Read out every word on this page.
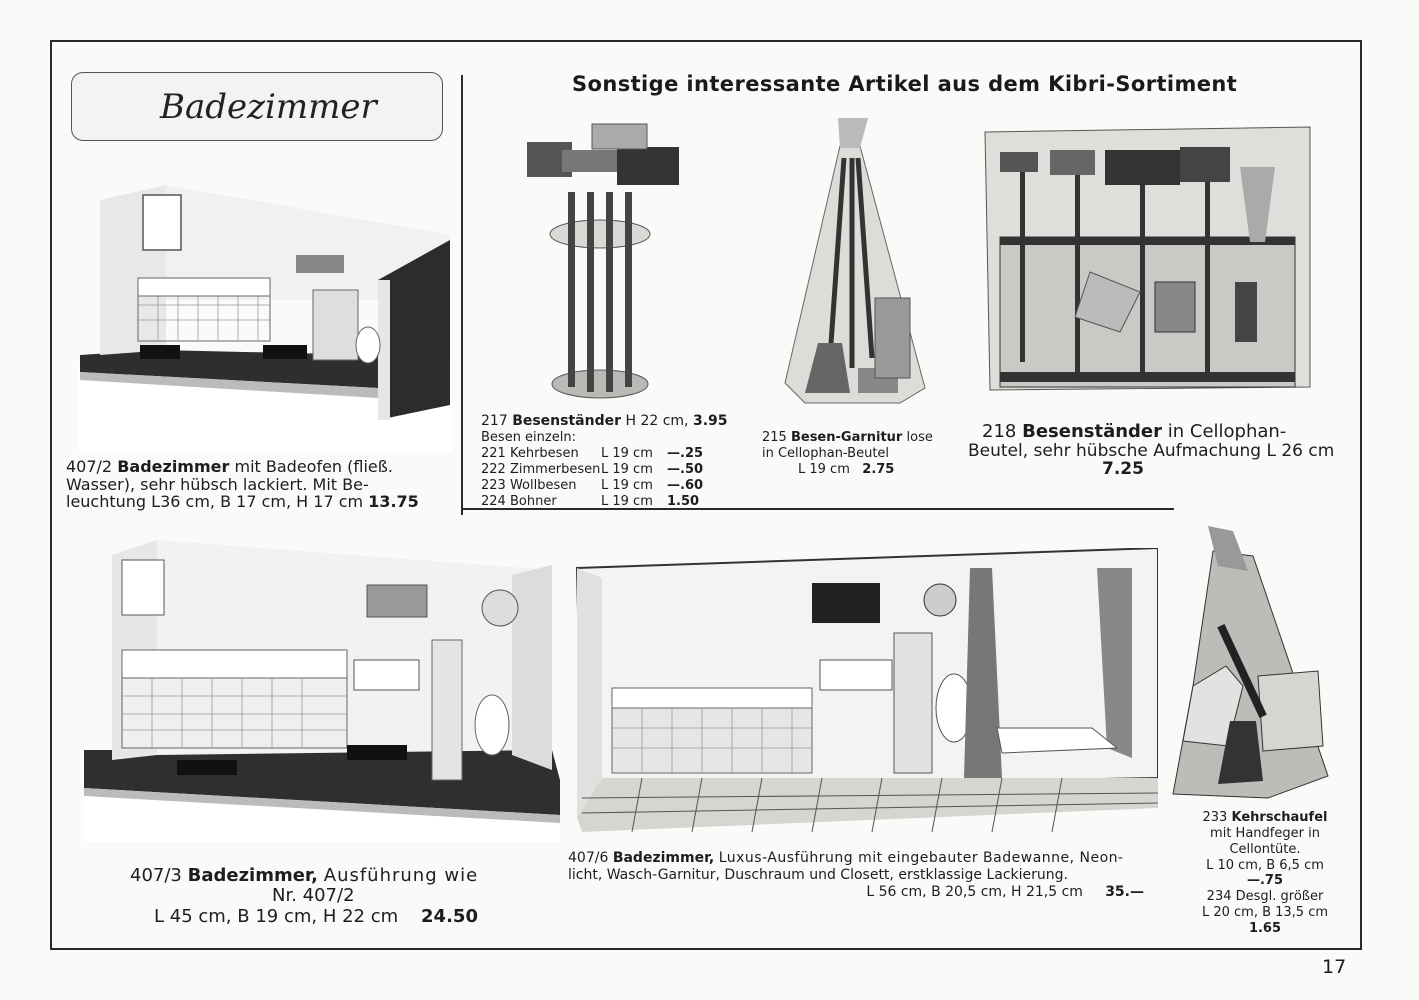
Badezimmer
Sonstige interessante Artikel aus dem Kibri-Sortiment
407/2 Badezimmer mit Badeofen (fließ.
Wasser), sehr hübsch lackiert. Mit Be-
leuchtung L36 cm, B 17 cm, H 17 cm 13.75
217 Besenständer H 22 cm, 3.95
Besen einzeln:
221 Kehrbesen	L 19 cm	—.25
222 Zimmerbesen L 19 cm	—.50
223 Wollbesen	L 19 cm	—.60
224 Bohner	L 19 cm	1.50
215 Besen-Garnitur lose
in Cellophan-Beutel
L 19 cm 2.75
218 Besenständer in Cellophan-
Beutel, sehr hübsche Aufmachung L 26 cm
7.25
407/3 Badezimmer, Ausführung wie
Nr. 407/2
L 45 cm, B 19 cm, H 22 cm 24.50
407/6 Badezimmer, Luxus-Ausführung mit eingebauter Badewanne, Neon-
licht, Wasch-Garnitur, Duschraum und Closett, erstklassige Lackierung.
L 56 cm, B 20,5 cm, H 21,5 cm 35.—
233 Kehrschaufel
mit Handfeger in
Cellontüte.
L 10 cm, B 6,5 cm
—.75
234 Desgl. größer
L 20 cm, B 13,5 cm
1.65
17
